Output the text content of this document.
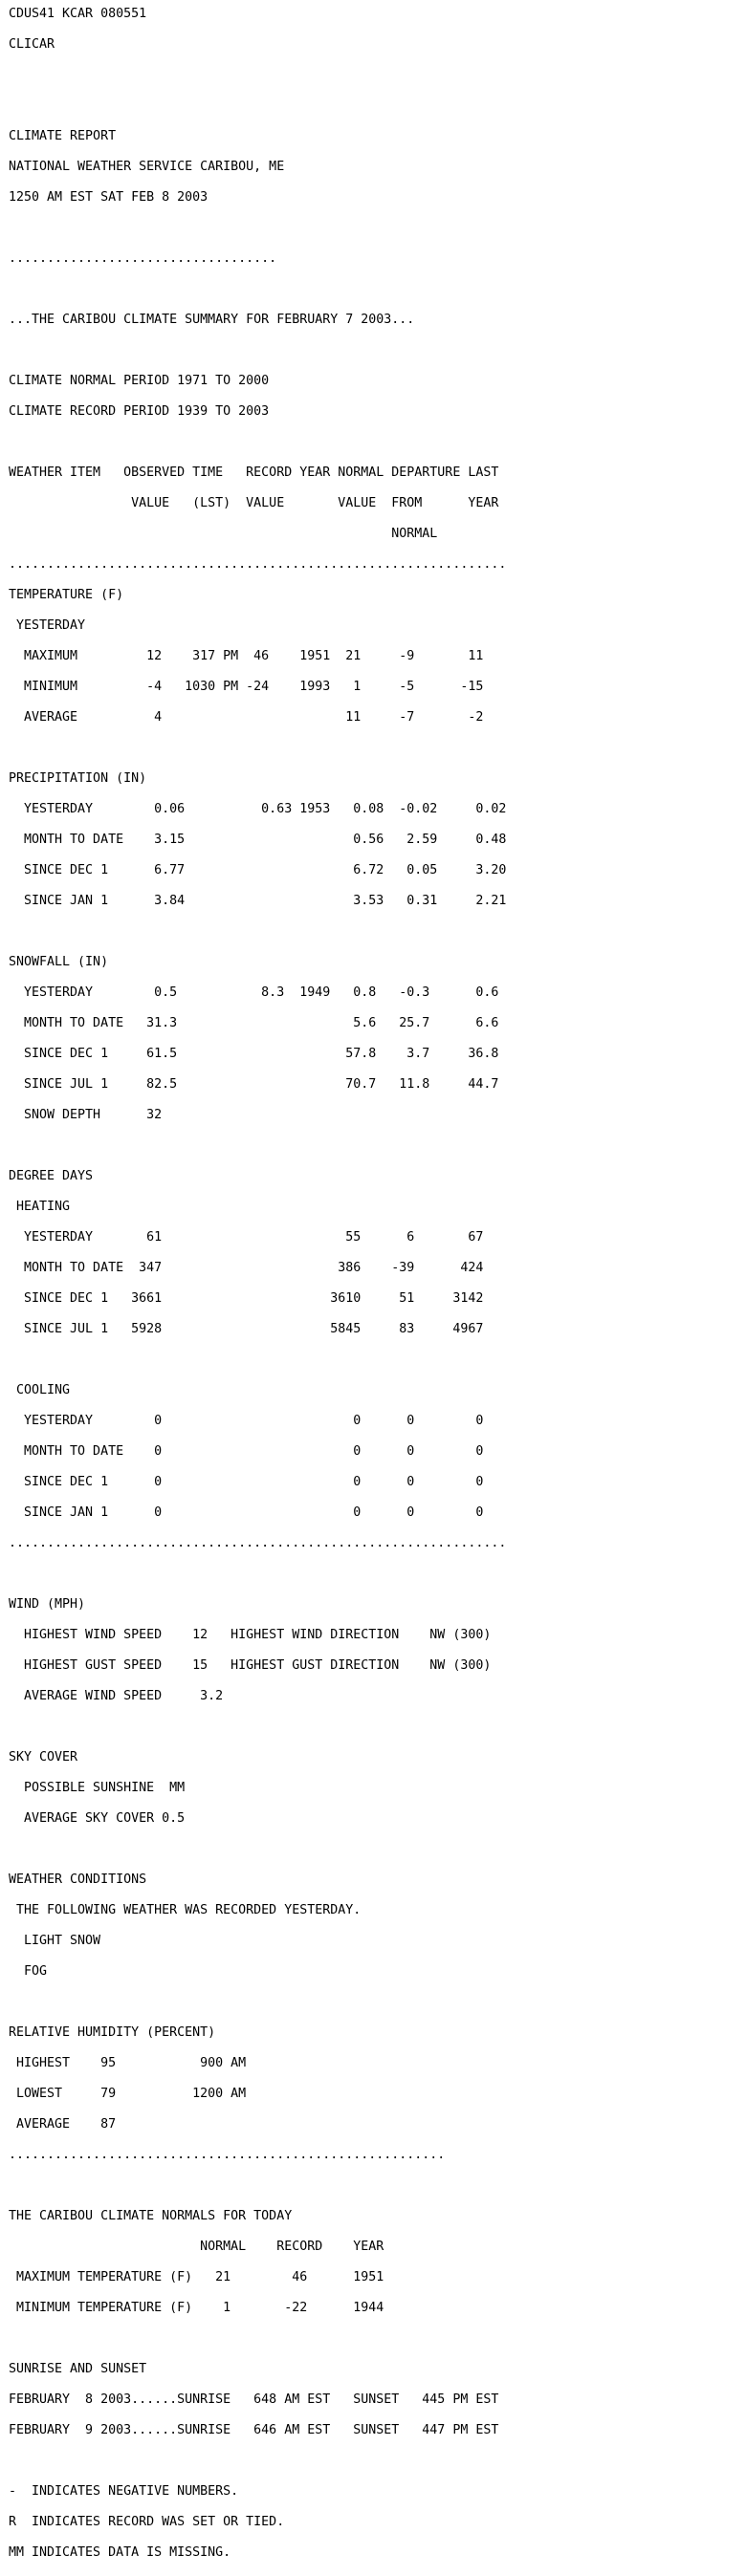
CDUS41 KCAR 080551

CLICAR

CLIMATE REPORT

NATIONAL WEATHER SERVICE CARIBOU, ME

1250 AM EST SAT FEB 8 2003

...................................

...THE CARIBOU CLIMATE SUMMARY FOR FEBRUARY 7 2003...

CLIMATE NORMAL PERIOD 1971 TO 2000

CLIMATE RECORD PERIOD 1939 TO 2003

WEATHER ITEM   OBSERVED TIME   RECORD YEAR NORMAL DEPARTURE LAST

VALUE   (LST)  VALUE       VALUE  FROM      YEAR

NORMAL

.................................................................

TEMPERATURE (F)

YESTERDAY

MAXIMUM         12    317 PM  46    1951  21     -9       11

MINIMUM         -4   1030 PM -24    1993   1     -5      -15

AVERAGE          4                        11     -7       -2

PRECIPITATION (IN)

YESTERDAY        0.06          0.63 1953   0.08  -0.02     0.02

MONTH TO DATE    3.15                      0.56   2.59     0.48

SINCE DEC 1      6.77                      6.72   0.05     3.20

SINCE JAN 1      3.84                      3.53   0.31     2.21

SNOWFALL (IN)

YESTERDAY        0.5           8.3  1949   0.8   -0.3      0.6

MONTH TO DATE   31.3                       5.6   25.7      6.6

SINCE DEC 1     61.5                      57.8    3.7     36.8

SINCE JUL 1     82.5                      70.7   11.8     44.7

SNOW DEPTH      32

DEGREE DAYS

HEATING

YESTERDAY       61                        55      6       67

MONTH TO DATE  347                       386    -39      424

SINCE DEC 1   3661                      3610     51     3142

SINCE JUL 1   5928                      5845     83     4967

COOLING

YESTERDAY        0                         0      0        0

MONTH TO DATE    0                         0      0        0

SINCE DEC 1      0                         0      0        0

SINCE JAN 1      0                         0      0        0

.................................................................

WIND (MPH)

HIGHEST WIND SPEED    12   HIGHEST WIND DIRECTION    NW (300)

HIGHEST GUST SPEED    15   HIGHEST GUST DIRECTION    NW (300)

AVERAGE WIND SPEED     3.2

SKY COVER

POSSIBLE SUNSHINE  MM

AVERAGE SKY COVER 0.5

WEATHER CONDITIONS

THE FOLLOWING WEATHER WAS RECORDED YESTERDAY.

LIGHT SNOW

FOG

RELATIVE HUMIDITY (PERCENT)

HIGHEST    95           900 AM

LOWEST     79          1200 AM

AVERAGE    87

.........................................................

THE CARIBOU CLIMATE NORMALS FOR TODAY

NORMAL    RECORD    YEAR

MAXIMUM TEMPERATURE (F)   21        46      1951

MINIMUM TEMPERATURE (F)    1       -22      1944

SUNRISE AND SUNSET

FEBRUARY  8 2003......SUNRISE   648 AM EST   SUNSET   445 PM EST

FEBRUARY  9 2003......SUNRISE   646 AM EST   SUNSET   447 PM EST

-  INDICATES NEGATIVE NUMBERS.

R  INDICATES RECORD WAS SET OR TIED.

MM INDICATES DATA IS MISSING.
